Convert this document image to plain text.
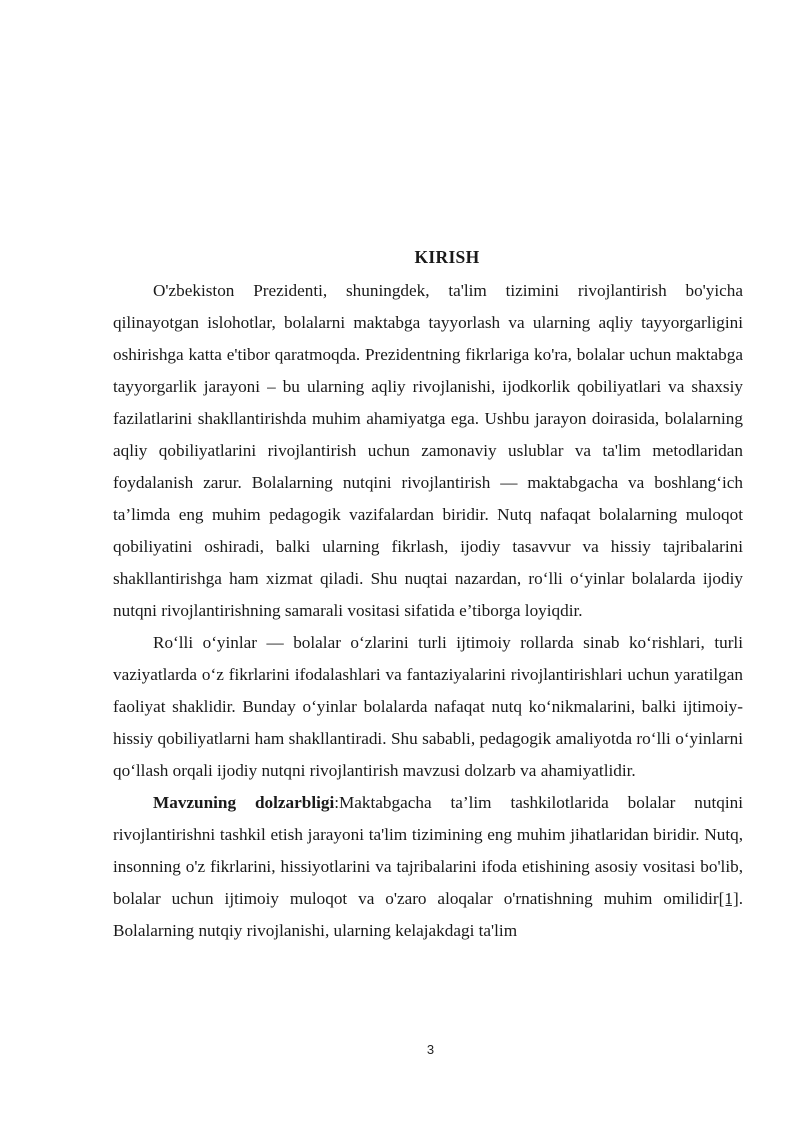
KIRISH

O'zbekiston Prezidenti, shuningdek, ta'lim tizimini rivojlantirish bo'yicha qilinayotgan islohotlar, bolalarni maktabga tayyorlash va ularning aqliy tayyorgarligini oshirishga katta e'tibor qaratmoqda. Prezidentning fikrlariga ko'ra, bolalar uchun maktabga tayyorgarlik jarayoni – bu ularning aqliy rivojlanishi, ijodkorlik qobiliyatlari va shaxsiy fazilatlarini shakllantirishda muhim ahamiyatga ega. Ushbu jarayon doirasida, bolalarning aqliy qobiliyatlarini rivojlantirish uchun zamonaviy uslublar va ta'lim metodlaridan foydalanish zarur. Bolalarning nutqini rivojlantirish — maktabgacha va boshlang‘ich ta’limda eng muhim pedagogik vazifalardan biridir. Nutq nafaqat bolalarning muloqot qobiliyatini oshiradi, balki ularning fikrlash, ijodiy tasavvur va hissiy tajribalarini shakllantirishga ham xizmat qiladi. Shu nuqtai nazardan, ro‘lli o‘yinlar bolalarda ijodiy nutqni rivojlantirishning samarali vositasi sifatida e’tiborga loyiqdir.

Ro‘lli o‘yinlar — bolalar o‘zlarini turli ijtimoiy rollarda sinab ko‘rishlari, turli vaziyatlarda o‘z fikrlarini ifodalashlari va fantaziyalarini rivojlantirishlari uchun yaratilgan faoliyat shaklidir. Bunday o‘yinlar bolalarda nafaqat nutq ko‘nikmalarini, balki ijtimoiy-hissiy qobiliyatlarni ham shakllantiradi. Shu sababli, pedagogik amaliyotda ro‘lli o‘yinlarni qo‘llash orqali ijodiy nutqni rivojlantirish mavzusi dolzarb va ahamiyatlidir.

Mavzuning dolzarbligi:Maktabgacha ta’lim tashkilotlarida bolalar nutqini rivojlantirishni tashkil etish jarayoni ta'lim tizimining eng muhim jihatlaridan biridir. Nutq, insonning o'z fikrlarini, hissiyotlarini va tajribalarini ifoda etishining asosiy vositasi bo'lib, bolalar uchun ijtimoiy muloqot va o'zaro aloqalar o'rnatishning muhim omilidir[1]. Bolalarning nutqiy rivojlanishi, ularning kelajakdagi ta'lim

3
